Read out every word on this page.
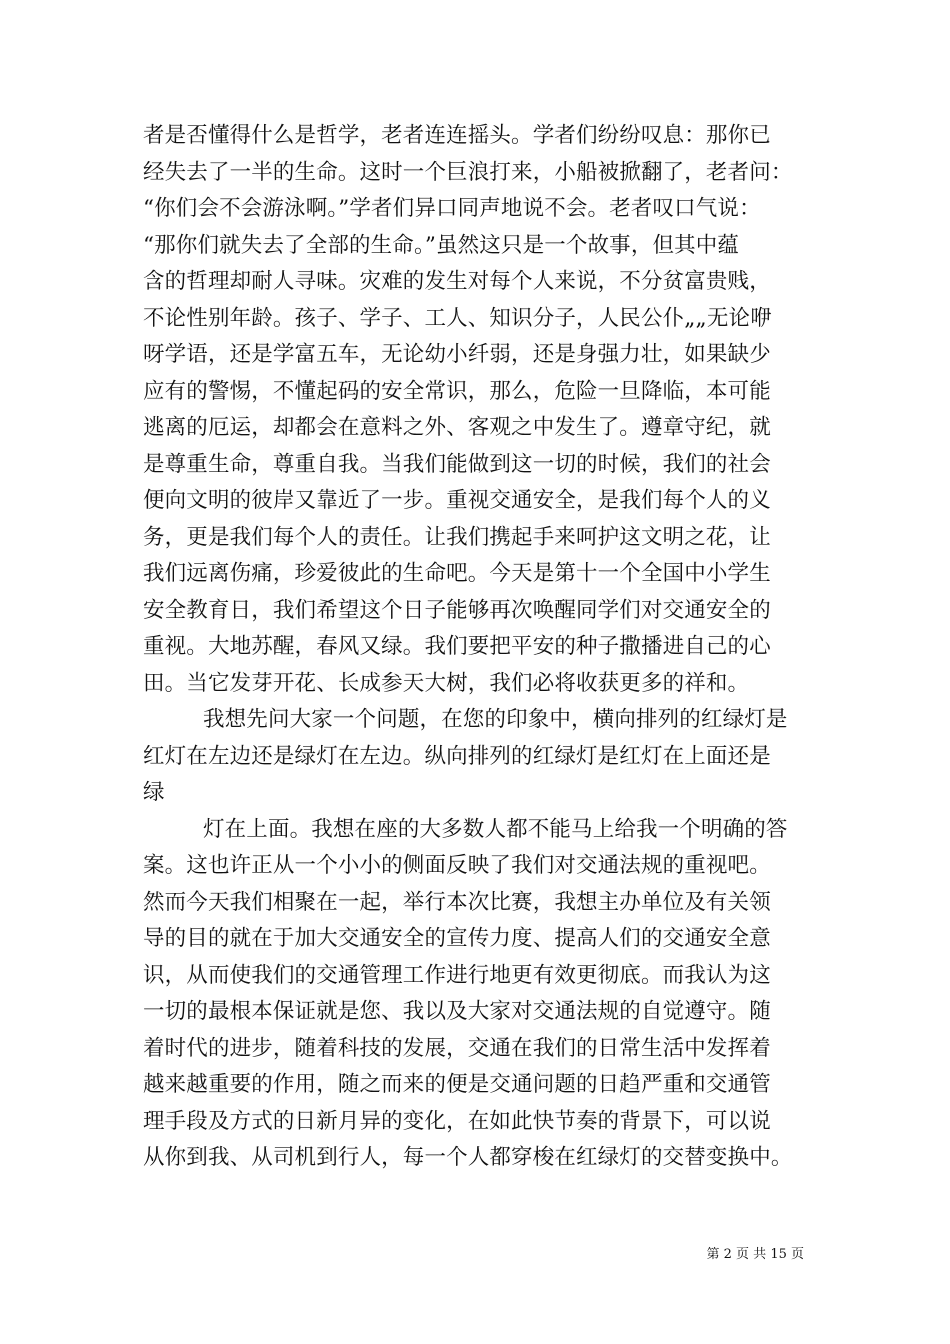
者是否懂得什么是哲学，老者连连摇头。学者们纷纷叹息：那你已
经失去了一半的生命。这时一个巨浪打来，小船被掀翻了，老者问：
“你们会不会游泳啊。”学者们异口同声地说不会。老者叹口气说：
“那你们就失去了全部的生命。”虽然这只是一个故事，但其中蕴
含的哲理却耐人寻味。灾难的发生对每个人来说，不分贫富贵贱，
不论性别年龄。孩子、学子、工人、知识分子，人民公仆„„无论咿
呀学语，还是学富五车，无论幼小纤弱，还是身强力壮，如果缺少
应有的警惕，不懂起码的安全常识，那么，危险一旦降临，本可能
逃离的厄运，却都会在意料之外、客观之中发生了。遵章守纪，就
是尊重生命，尊重自我。当我们能做到这一切的时候，我们的社会
便向文明的彼岸又靠近了一步。重视交通安全，是我们每个人的义
务，更是我们每个人的责任。让我们携起手来呵护这文明之花，让
我们远离伤痛，珍爱彼此的生命吧。今天是第十一个全国中小学生
安全教育日，我们希望这个日子能够再次唤醒同学们对交通安全的
重视。大地苏醒，春风又绿。我们要把平安的种子撒播进自己的心
田。当它发芽开花、长成参天大树，我们必将收获更多的祥和。
我想先问大家一个问题，在您的印象中，横向排列的红绿灯是
红灯在左边还是绿灯在左边。纵向排列的红绿灯是红灯在上面还是
绿
灯在上面。我想在座的大多数人都不能马上给我一个明确的答
案。这也许正从一个小小的侧面反映了我们对交通法规的重视吧。
然而今天我们相聚在一起，举行本次比赛，我想主办单位及有关领
导的目的就在于加大交通安全的宣传力度、提高人们的交通安全意
识，从而使我们的交通管理工作进行地更有效更彻底。而我认为这
一切的最根本保证就是您、我以及大家对交通法规的自觉遵守。随
着时代的进步，随着科技的发展，交通在我们的日常生活中发挥着
越来越重要的作用，随之而来的便是交通问题的日趋严重和交通管
理手段及方式的日新月异的变化，在如此快节奏的背景下，可以说
从你到我、从司机到行人，每一个人都穿梭在红绿灯的交替变换中。
第 2 页 共 15 页
